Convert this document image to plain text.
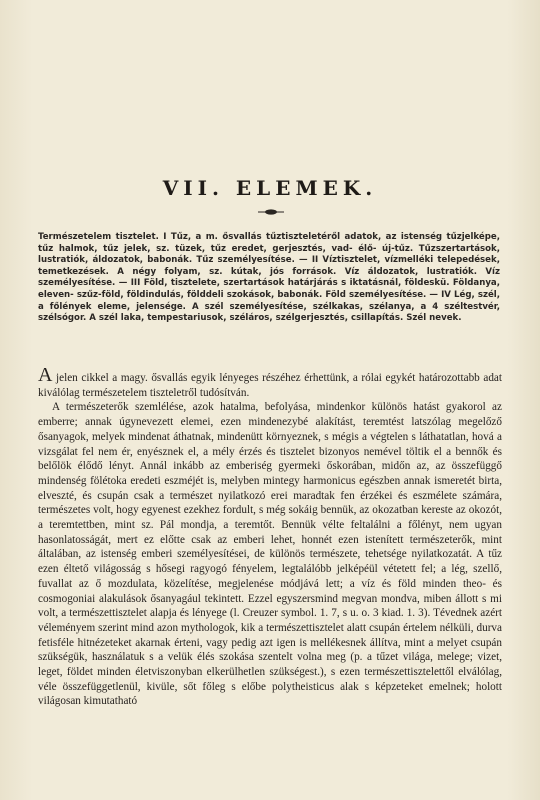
VII. ELEMEK.
Természetelem tisztelet. I Tűz, a m. ősvallás tűztiszteletéről adatok, az istenség tűzjelképe, tűz halmok, tűz jelek, sz. tüzek, tűz eredet, gerjesztés, vad- élő- új-tűz. Tűzszertartások, lustratiók, áldozatok, babonák. Tűz személyesítése. — II Víztisztelet, vízmelléki telepedések, temetkezések. A négy folyam, sz. kútak, jós források. Víz áldozatok, lustratiók. Víz személyesítése. — III Föld, tisztelete, szertartások határjárás s iktatásnál, földeskü. Földanya, eleven- szűz-föld, földindulás, földdeli szokások, babonák. Föld személyesítése. — IV Lég, szél, a főlények eleme, jelensége. A szél személyesítése, szélkakas, szélanya, a 4 széltestvér, szélsógor. A szél laka, tempestariusok, széláros, szélgerjesztés, csillapítás. Szél nevek.
A jelen cikkel a magy. ősvallás egyik lényeges részéhez érhettünk, a rólai egykét határozottabb adat kiválólag természetelem tiszteletről tudósítván.
A természeterők szemlélése, azok hatalma, befolyása, mindenkor különös hatást gyakorol az emberre; annak úgynevezett elemei, ezen mindenezybé alakítást, teremtést latszólag megelőző ősanyagok, melyek mindenat áthatnak, mindenütt környeznek, s mégis a végtelen s láthatatlan, hová a vizsgálat fel nem ér, enyésznek el, a mély érzés és tisztelet bizonyos nemével töltik el a bennők és belőlök élődő lényt. Annál inkább az emberiség gyermeki őskorában, midőn az, az összefüggő mindenség fölétoka eredeti eszméjét is, melyben mintegy harmonicus egészben annak ismeretét birta, elveszté, és csupán csak a természet nyilatkozó erei maradtak fen érzékei és eszmélete számára, természetes volt, hogy egyenest ezekhez fordult, s még sokáig bennük, az okozatban kereste az okozót, a teremtettben, mint sz. Pál mondja, a teremtőt. Bennük vélte feltalálni a főlényt, nem ugyan hasonlatosságát, mert ez előtte csak az emberi lehet, honnét ezen istenített természeterők, mint általában, az istenség emberi személyesítései, de különös természete, tehetsége nyilatkozatát. A tűz ezen éltető világosság s hősegi ragyogó fényelem, legtalálóbb jelképéül vétetett fel; a lég, szellő, fuvallat az ő mozdulata, közelítése, megjelenése módjává lett; a víz és föld minden theo- és cosmogoniai alakulások ősanyagául tekintett. Ezzel egyszersmind megvan mondva, miben állott s mi volt, a természettisztelet alapja és lényege (l. Creuzer symbol. 1. 7, s u. o. 3 kiad. 1. 3). Tévednek azért véleményem szerint mind azon mythologok, kik a természettisztelet alatt csupán értelem nélküli, durva fetisféle hitnézeteket akarnak érteni, vagy pedig azt igen is mellékesnek állítva, mint a melyet csupán szükségük, használatuk s a velük élés szokása szentelt volna meg (p. a tűzet világa, melege; vizet, leget, földet minden életviszonyban elkerülhetlen szükségest.), s ezen természettisztelettől elválólag, véle összefüggetlenül, kivüle, sőt főleg s előbe polytheisticus alak s képzeteket emelnek; holott világosan kimutatható
